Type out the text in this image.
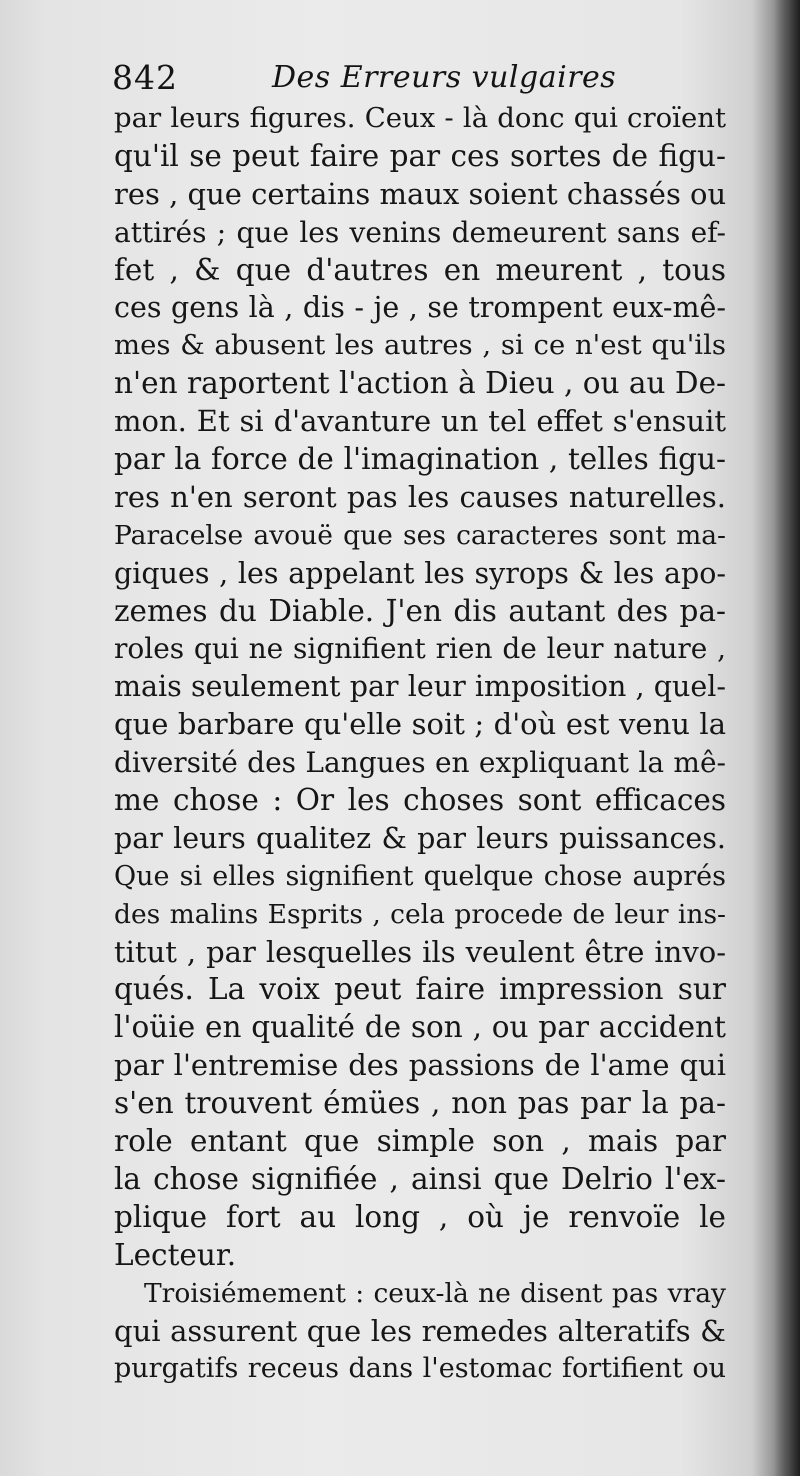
842	Des Erreurs vulgaires
par leurs figures. Ceux - là donc qui croïent
qu'il se peut faire par ces sortes de figu-
res , que certains maux soient chassés ou
attirés ; que les venins demeurent sans ef-
fet , & que d'autres en meurent , tous
ces gens là , dis - je , se trompent eux-mê-
mes & abusent les autres , si ce n'est qu'ils
n'en raportent l'action à Dieu , ou au De-
mon. Et si d'avanture un tel effet s'ensuit
par la force de l'imagination , telles figu-
res n'en seront pas les causes naturelles.
Paracelse avouë que ses caracteres sont ma-
giques , les appelant les syrops & les apo-
zemes du Diable. J'en dis autant des pa-
roles qui ne signifient rien de leur nature ,
mais seulement par leur imposition , quel-
que barbare qu'elle soit ; d'où est venu la
diversité des Langues en expliquant la mê-
me chose : Or les choses sont efficaces
par leurs qualitez & par leurs puissances.
Que si elles signifient quelque chose auprés
des malins Esprits , cela procede de leur ins-
titut , par lesquelles ils veulent être invo-
qués. La voix peut faire impression sur
l'oüie en qualité de son , ou par accident
par l'entremise des passions de l'ame qui
s'en trouvent émües , non pas par la pa-
role entant que simple son , mais par
la chose signifiée , ainsi que Delrio l'ex-
plique fort au long , où je renvoïe le
Lecteur.
Troisiémement : ceux-là ne disent pas vray
qui assurent que les remedes alteratifs &
purgatifs receus dans l'estomac fortifient ou
